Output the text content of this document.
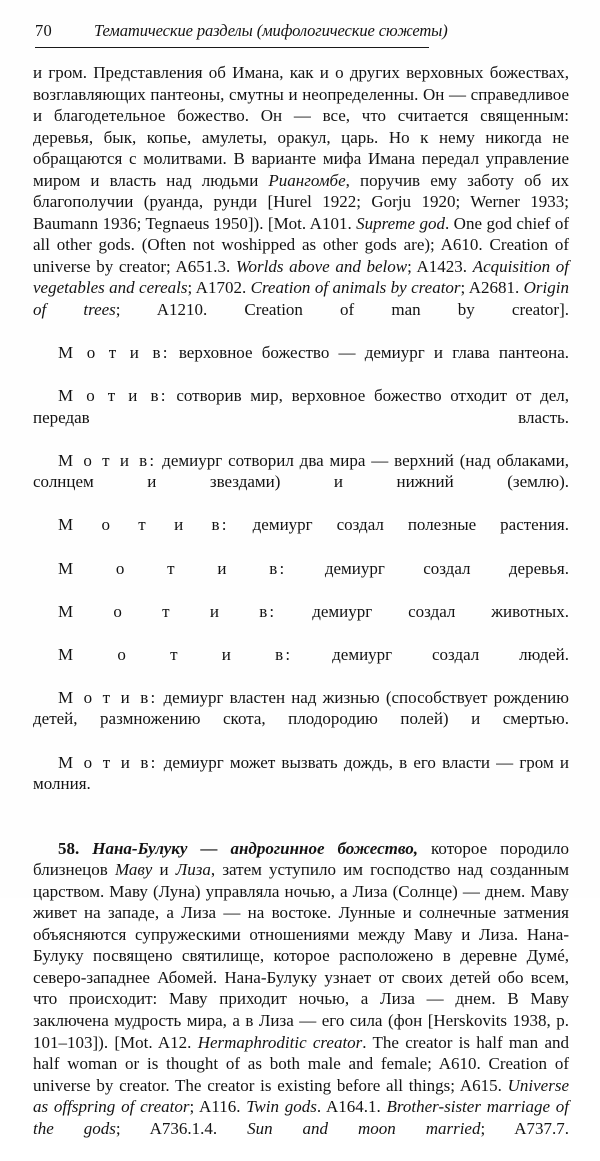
70	Тематические разделы (мифологические сюжеты)

и гром. Представления об Имана, как и о других верховных божествах, возглавляющих пантеоны, смутны и неопределенны. Он — справедливое и благодетельное божество. Он — все, что считается священным: деревья, бык, копье, амулеты, оракул, царь. Но к нему никогда не обращаются с молитвами. В варианте мифа Имана передал управление миром и власть над людьми Риангомбе, поручив ему заботу об их благополучии (руанда, рунди [Hurel 1922; Gorju 1920; Werner 1933; Baumann 1936; Tegnaeus 1950]). [Mot. A101. Supreme god. One god chief of all other gods. (Often not woshipped as other gods are); A610. Creation of universe by creator; A651.3. Worlds above and below; A1423. Acquisition of vegetables and cereals; A1702. Creation of animals by creator; A2681. Origin of trees; A1210. Creation of man by creator].

М о т и в: верховное божество — демиург и глава пантеона.

М о т и в: сотворив мир, верховное божество отходит от дел, передав власть.

М о т и в: демиург сотворил два мира — верхний (над облаками, солнцем и звездами) и нижний (землю).

М о т и в: демиург создал полезные растения.

М о т и в: демиург создал деревья.

М о т и в: демиург создал животных.

М о т и в: демиург создал людей.

М о т и в: демиург властен над жизнью (способствует рождению детей, размножению скота, плодородию полей) и смертью.

М о т и в: демиург может вызвать дождь, в его власти — гром и молния.

58. Нана-Булуку — андрогинное божество, которое породило близнецов Маву и Лиза, затем уступило им господство над созданным царством. Маву (Луна) управляла ночью, а Лиза (Солнце) — днем. Маву живет на западе, а Лиза — на востоке. Лунные и солнечные затмения объясняются супружескими отношениями между Маву и Лиза. Нана-Булуку посвящено святилище, которое расположено в деревне Думé, северо-западнее Абомей. Нана-Булуку узнает от своих детей обо всем, что происходит: Маву приходит ночью, а Лиза — днем. В Маву заключена мудрость мира, а в Лиза — его сила (фон [Herskovits 1938, p. 101–103]). [Mot. A12. Hermaphroditic creator. The creator is half man and half woman or is thought of as both male and female; A610. Creation of universe by creator. The creator is existing before all things; A615. Universe as offspring of creator; A116. Twin gods. A164.1. Brother-sister marriage of the gods; A736.1.4. Sun and moon married; A737.7.
